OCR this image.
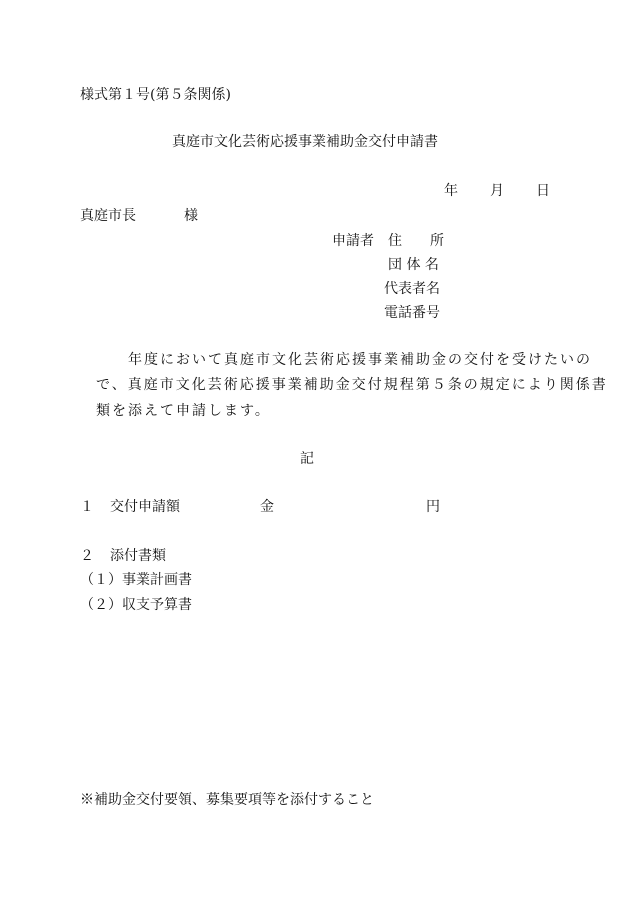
様式第１号(第５条関係)
真庭市文化芸術応援事業補助金交付申請書
年 月 日
真庭市長	様
申請者 住　　所
団 体 名
代表者名
電話番号
年度において真庭市文化芸術応援事業補助金の交付を受けたいの
で、真庭市文化芸術応援事業補助金交付規程第５条の規定により関係書
類を添えて申請します。
記
１ 交付申請額	金	円
２ 添付書類
（１）事業計画書
（２）収支予算書
※補助金交付要領、募集要項等を添付すること
